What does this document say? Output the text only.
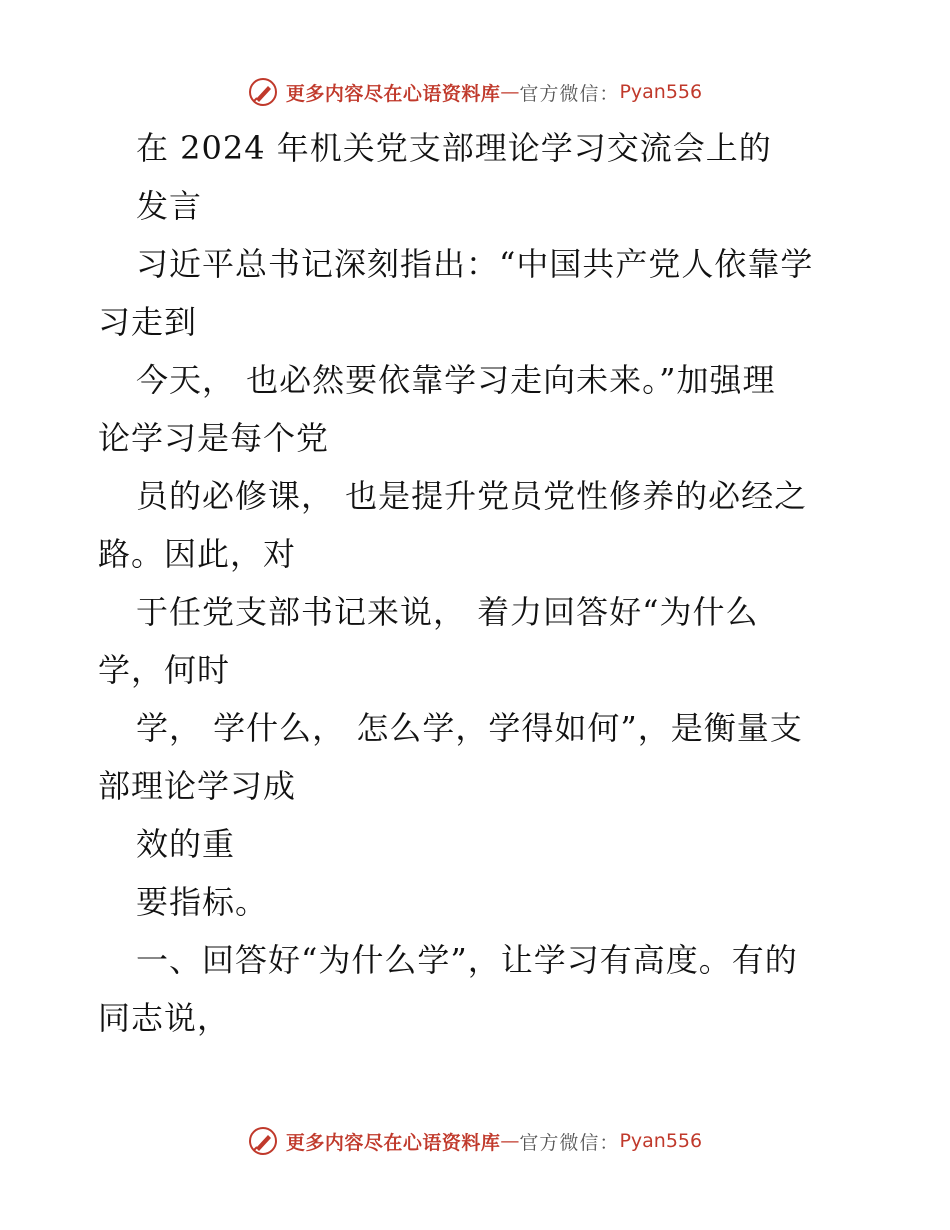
更多内容尽在心语资料库 — 官方微信： Pyan556
在 2024 年机关党支部理论学习交流会上的
发言
习近平总书记深刻指出：“中国共产党人依靠学
习走到
今天， 也必然要依靠学习走向未来。”加强理
论学习是每个党
员的必修课， 也是提升党员党性修养的必经之
路。因此，对
于任党支部书记来说， 着力回答好“为什么
学，何时
学， 学什么， 怎么学，学得如何”，是衡量支
部理论学习成
效的重
要指标。
一、回答好“为什么学”，让学习有高度。有的
同志说，
更多内容尽在心语资料库 — 官方微信： Pyan556
